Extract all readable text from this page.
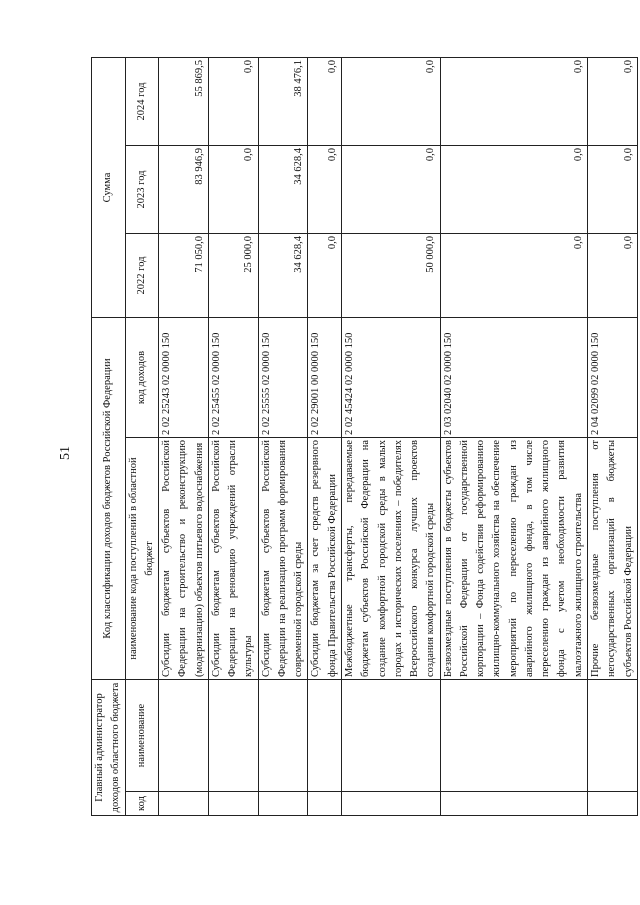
51
Главный администратор доходов областного бюджета		Код классификации доходов бюджетов Российской Федерации		Сумма		
код	наименование	наименование кода поступлений в областной бюджет	код доходов	2022 год	2023 год	2024 год
		Субсидии бюджетам субъектов Российской Федерации на строительство и реконструкцию (модернизацию) объектов питьевого водоснабжения	2 02 25243 02 0000 150	71 050,0	83 946,9	55 869,5
		Субсидии бюджетам субъектов Российской Федерации на реновацию учреждений отрасли культуры	2 02 25455 02 0000 150	25 000,0	0,0	0,0
		Субсидии бюджетам субъектов Российской Федерации на реализацию программ формирования современной городской среды	2 02 25555 02 0000 150	34 628,4	34 628,4	38 476,1
		Субсидии бюджетам за счет средств резервного фонда Правительства Российской Федерации	2 02 29001 00 0000 150	0,0	0,0	0,0
		Межбюджетные трансферты, передаваемые бюджетам субъектов Российской Федерации на создание комфортной городской среды в малых городах и исторических поселениях – победителях Всероссийского конкурса лучших проектов создания комфортной городской среды	2 02 45424 02 0000 150	50 000,0	0,0	0,0
		Безвозмездные поступления в бюджеты субъектов Российской Федерации от государственной корпорации – Фонда содействия реформированию жилищно-коммунального хозяйства на обеспечение мероприятий по переселению граждан из аварийного жилищного фонда, в том числе переселению граждан из аварийного жилищного фонда с учетом необходимости развития малоэтажного жилищного строительства	2 03 02040 02 0000 150	0,0	0,0	0,0
		Прочие безвозмездные поступления от негосударственных организаций в бюджеты субъектов Российской Федерации	2 04 02099 02 0000 150	0,0	0,0	0,0
